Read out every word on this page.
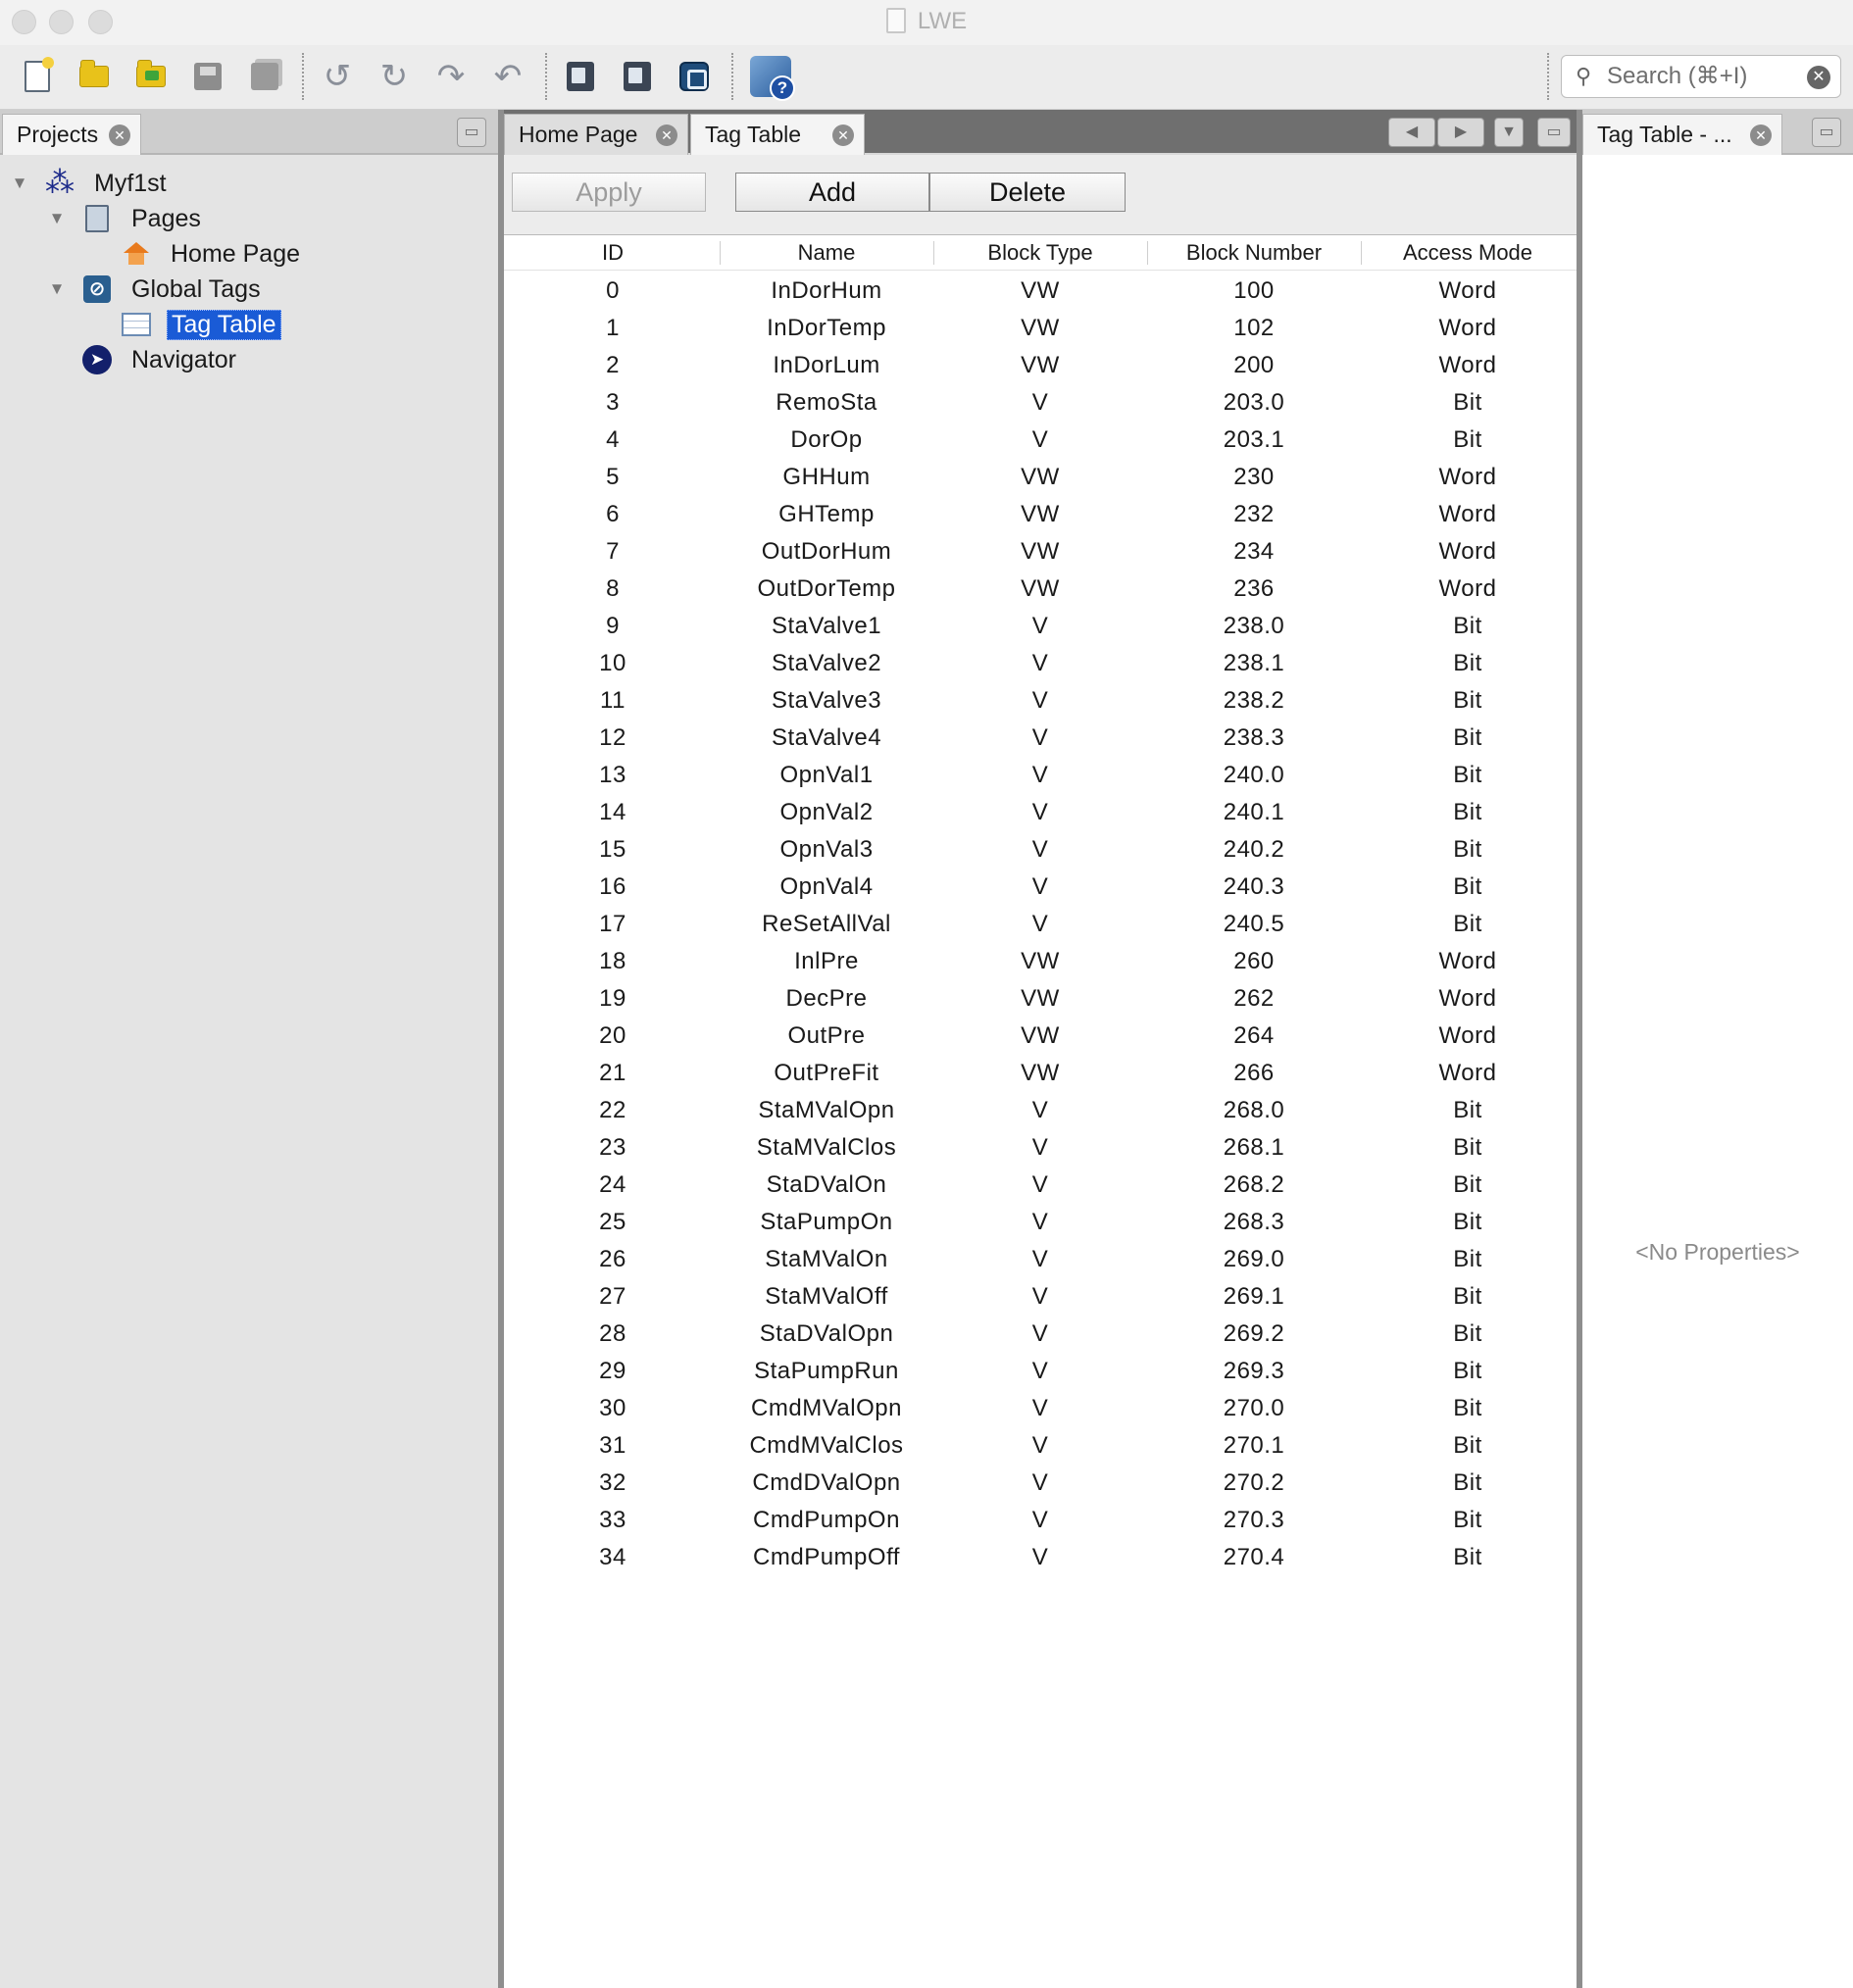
LWE
↺ ↻ ↷ ↶
?	⚲
Search (⌘+I)	✕
Projects	✕	▭
▼ ⁂ Myf1st
▼	Pages
Home Page
▼ ⊘ Global Tags
Tag Table
➤	Navigator
Home Page	✕	Tag Table	✕	◀	▶	▼	▭
Apply	Add	Delete
ID	Name	Block Type	Block Number	Access Mode
0	InDorHum	VW	100	Word
1	InDorTemp	VW	102	Word
2	InDorLum	VW	200	Word
3	RemoSta	V	203.0	Bit
4	DorOp	V	203.1	Bit
5	GHHum	VW	230	Word
6	GHTemp	VW	232	Word
7	OutDorHum	VW	234	Word
8	OutDorTemp	VW	236	Word
9	StaValve1	V	238.0	Bit
10	StaValve2	V	238.1	Bit
11	StaValve3	V	238.2	Bit
12	StaValve4	V	238.3	Bit
13	OpnVal1	V	240.0	Bit
14	OpnVal2	V	240.1	Bit
15	OpnVal3	V	240.2	Bit
16	OpnVal4	V	240.3	Bit
17	ReSetAllVal	V	240.5	Bit
18	InlPre	VW	260	Word
19	DecPre	VW	262	Word
20	OutPre	VW	264	Word
21	OutPreFit	VW	266	Word
22	StaMValOpn	V	268.0	Bit
23	StaMValClos	V	268.1	Bit
24	StaDValOn	V	268.2	Bit
25	StaPumpOn	V	268.3	Bit
26	StaMValOn	V	269.0	Bit
27	StaMValOff	V	269.1	Bit
28	StaDValOpn	V	269.2	Bit
29	StaPumpRun	V	269.3	Bit
30	CmdMValOpn	V	270.0	Bit
31	CmdMValClos	V	270.1	Bit
32	CmdDValOpn	V	270.2	Bit
33	CmdPumpOn	V	270.3	Bit
34	CmdPumpOff	V	270.4	Bit
Tag Table - ...	✕	▭
<No Properties>
